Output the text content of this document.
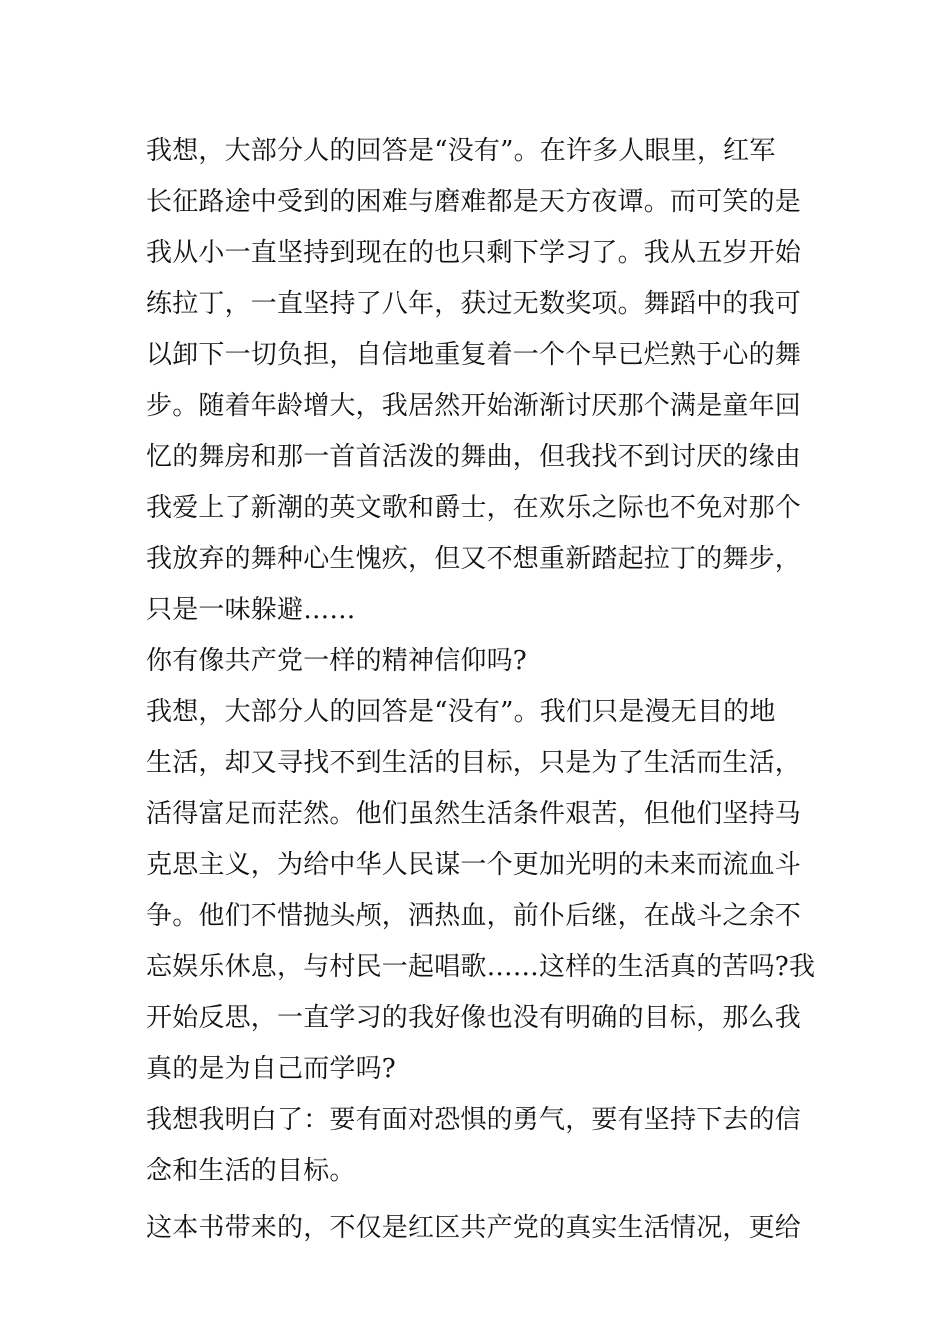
我想，大部分人的回答是“没有”。在许多人眼里，红军
长征路途中受到的困难与磨难都是天方夜谭。而可笑的是
我从小一直坚持到现在的也只剩下学习了。我从五岁开始
练拉丁，一直坚持了八年，获过无数奖项。舞蹈中的我可
以卸下一切负担，自信地重复着一个个早已烂熟于心的舞
步。随着年龄增大，我居然开始渐渐讨厌那个满是童年回
忆的舞房和那一首首活泼的舞曲，但我找不到讨厌的缘由
我爱上了新潮的英文歌和爵士，在欢乐之际也不免对那个
我放弃的舞种心生愧疚，但又不想重新踏起拉丁的舞步，
只是一味躲避……
你有像共产党一样的精神信仰吗?
我想，大部分人的回答是“没有”。我们只是漫无目的地
生活，却又寻找不到生活的目标，只是为了生活而生活，
活得富足而茫然。他们虽然生活条件艰苦，但他们坚持马
克思主义，为给中华人民谋一个更加光明的未来而流血斗
争。他们不惜抛头颅，洒热血，前仆后继，在战斗之余不
忘娱乐休息，与村民一起唱歌……这样的生活真的苦吗?我
开始反思，一直学习的我好像也没有明确的目标，那么我
真的是为自己而学吗?
我想我明白了：要有面对恐惧的勇气，要有坚持下去的信
念和生活的目标。
这本书带来的，不仅是红区共产党的真实生活情况，更给
